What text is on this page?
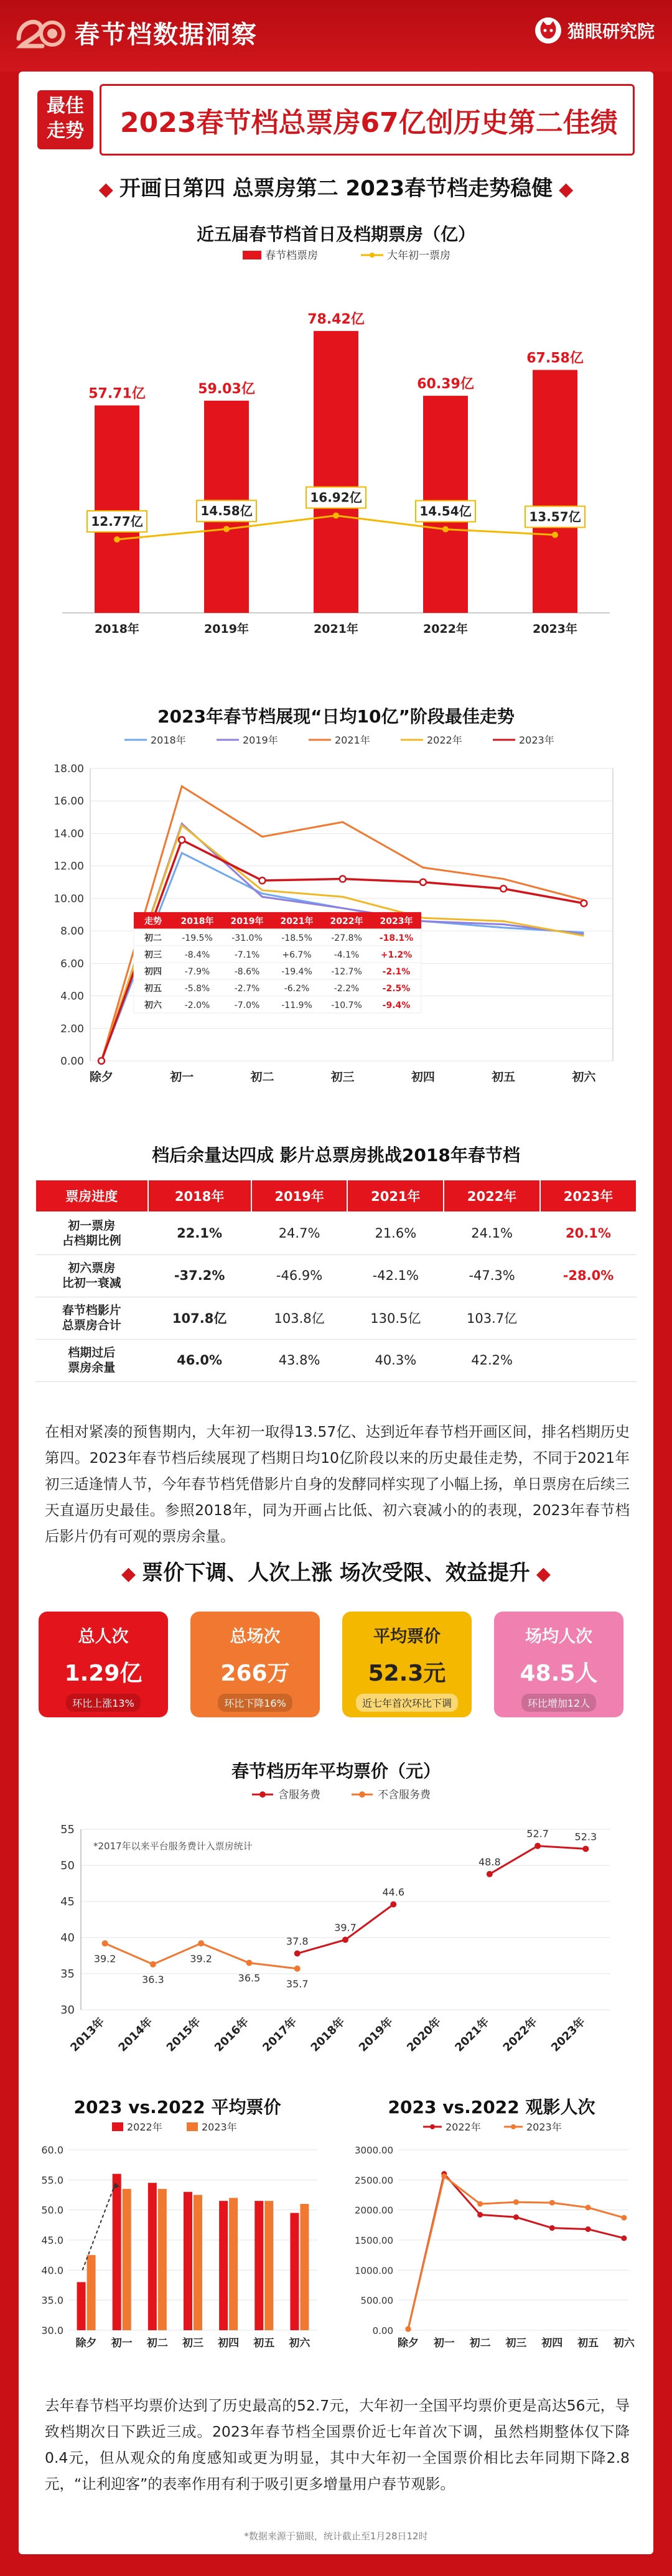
春节档数据洞察	猫眼研究院
最佳
走势	2023春节档总票房67亿创历史第二佳绩
◆ 开画日第四 总票房第二 2023春节档走势稳健 ◆
近五届春节档首日及档期票房（亿）
春节档票房	大年初一票房
57.71亿
2018年
59.03亿
2019年
78.42亿
2021年
60.39亿
2022年
67.58亿
2023年
12.77亿
14.58亿
16.92亿
14.54亿	13.57亿
2023年春节档展现“日均10亿”阶段最佳走势
2018年	2019年	2021年	2022年	2023年
0.00
2.00
4.00
6.00
8.00
10.00
12.00
14.00
16.00
18.00
除夕	初一	初二	初三	初四	初五	初六
走势 2018年 2019年 2021年 2022年 2023年
初二 -19.5% -31.0% -18.5% -27.8% -18.1%
初三	-8.4%	-7.1%	+6.7%	-4.1% +1.2%
初四	-7.9%	-8.6% -19.4% -12.7% -2.1%
初五	-5.8%	-2.7%	-6.2%	-2.2%	-2.5%
初六	-2.0%	-7.0% -11.9% -10.7% -9.4%
档后余量达四成 影片总票房挑战2018年春节档
票房进度	2018年	2019年	2021年	2022年	2023年
初一票房
占档期比例	22.1%	24.7%	21.6%	24.1%	20.1%
初六票房
比初一衰减	-37.2%	-46.9%	-42.1%	-47.3%	-28.0%
春节档影片
总票房合计	107.8亿	103.8亿	130.5亿	103.7亿	
档期过后
票房余量	46.0%	43.8%	40.3%	42.2%	
在相对紧凑的预售期内，大年初一取得13.57亿、达到近年春节档开画区间，排名档期历史第四。2023年春节档后续展现了档期日均10亿阶段以来的历史最佳走势，不同于2021年初三适逢情人节，今年春节档凭借影片自身的发酵同样实现了小幅上扬，单日票房在后续三天直逼历史最佳。参照2018年，同为开画占比低、初六衰减小的的表现，2023年春节档后影片仍有可观的票房余量。
◆ 票价下调、人次上涨 场次受限、效益提升 ◆
总人次
1.29亿
环比上涨13%
总场次
266万
环比下降16%
平均票价
52.3元
近七年首次环比下调
场均人次
48.5人
环比增加12人
春节档历年平均票价（元）
含服务费	不含服务费
*2017年以来平台服务费计入票房统计
30
35
40
45
50
55
2013年 2014年 2015年 2016年 2017年 2018年 2019年 2020年 2021年 2022年 2023年
37.8
39.7
44.6
48.8
52.7	52.3
39.2
36.3
39.2
36.5	35.7
2023 vs.2022 平均票价
2022年	2023年
30.0
35.0
40.0
45.0
50.0
55.0
60.0
除夕 初一 初二 初三 初四 初五 初六
2023 vs.2022 观影人次
2022年	2023年
0.00
500.00
1000.00
1500.00
2000.00
2500.00
3000.00
除夕 初一 初二 初三 初四 初五 初六
去年春节档平均票价达到了历史最高的52.7元，大年初一全国平均票价更是高达56元，导致档期次日下跌近三成。2023年春节档全国票价近七年首次下调，虽然档期整体仅下降0.4元，但从观众的角度感知或更为明显，其中大年初一全国票价相比去年同期下降2.8元，“让利迎客”的表率作用有利于吸引更多增量用户春节观影。
*数据来源于猫眼，统计截止至1月28日12时
